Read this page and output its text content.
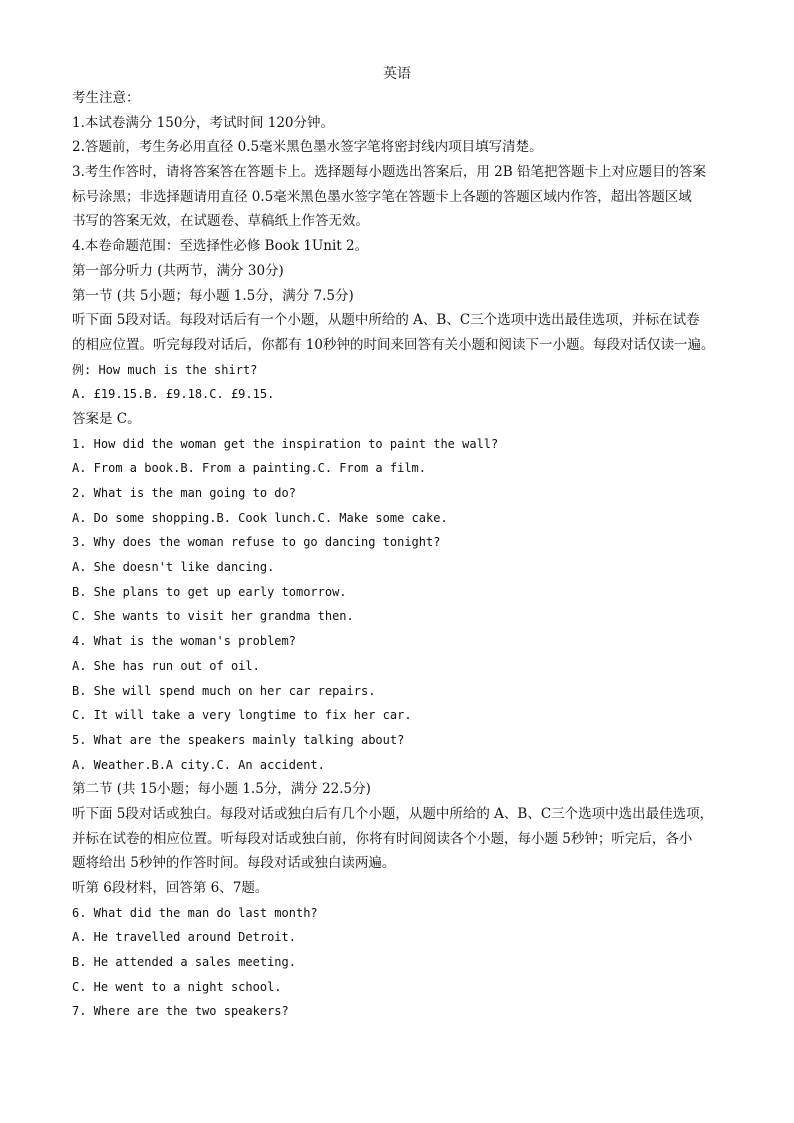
英语
考生注意：
1.本试卷满分 150分，考试时间 120分钟。
2.答题前，考生务必用直径 0.5毫米黑色墨水签字笔将密封线内项目填写清楚。
3.考生作答时，请将答案答在答题卡上。选择题每小题选出答案后，用 2B 铅笔把答题卡上对应题目的答案
标号涂黑；非选择题请用直径 0.5毫米黑色墨水签字笔在答题卡上各题的答题区域内作答，超出答题区域
书写的答案无效，在试题卷、草稿纸上作答无效。
4.本卷命题范围：至选择性必修 Book 1Unit 2。
第一部分听力 (共两节，满分 30分)
第一节 (共 5小题；每小题 1.5分，满分 7.5分)
听下面 5段对话。每段对话后有一个小题，从题中所给的 A、B、C三个选项中选出最佳选项，并标在试卷
的相应位置。听完每段对话后，你都有 10秒钟的时间来回答有关小题和阅读下一小题。每段对话仅读一遍。
例: How much is the shirt?
A. £19.15.B. £9.18.C. £9.15.
答案是 C。
1. How did the woman get the inspiration to paint the wall?
A. From a book.B. From a painting.C. From a film.
2. What is the man going to do?
A. Do some shopping.B. Cook lunch.C. Make some cake.
3. Why does the woman refuse to go dancing tonight?
A. She doesn't like dancing.
B. She plans to get up early tomorrow.
C. She wants to visit her grandma then.
4. What is the woman's problem?
A. She has run out of oil.
B. She will spend much on her car repairs.
C. It will take a very longtime to fix her car.
5. What are the speakers mainly talking about?
A. Weather.B.A city.C. An accident.
第二节 (共 15小题；每小题 1.5分，满分 22.5分)
听下面 5段对话或独白。每段对话或独白后有几个小题，从题中所给的 A、B、C三个选项中选出最佳选项，
并标在试卷的相应位置。听每段对话或独白前，你将有时间阅读各个小题，每小题 5秒钟；听完后，各小
题将给出 5秒钟的作答时间。每段对话或独白读两遍。
听第 6段材料，回答第 6、7题。
6. What did the man do last month?
A. He travelled around Detroit.
B. He attended a sales meeting.
C. He went to a night school.
7. Where are the two speakers?
